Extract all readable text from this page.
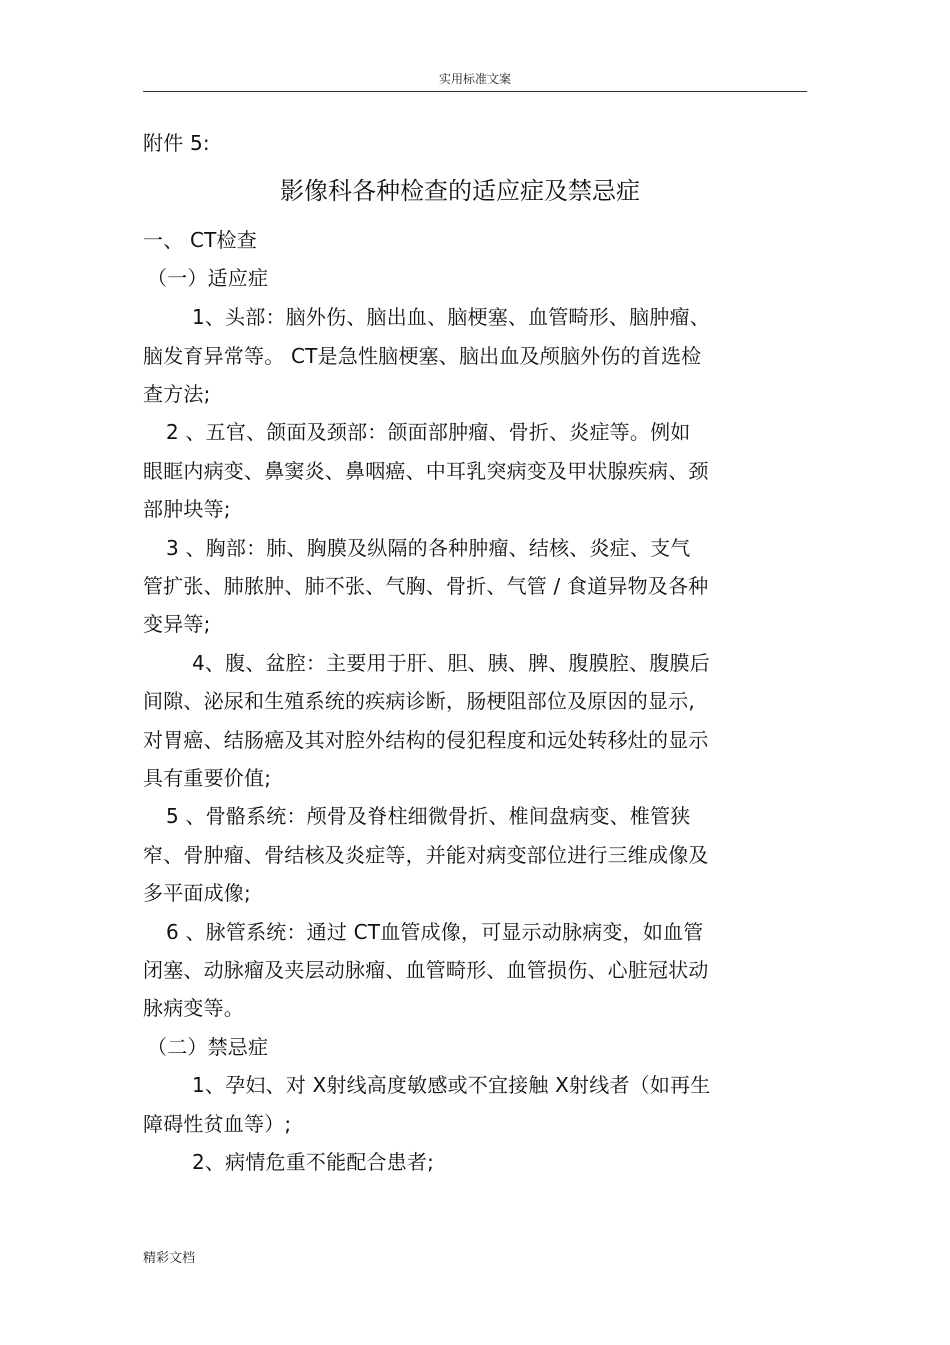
实用标准文案
附件 5:
影像科各种检查的适应症及禁忌症
一、 CT检查
（一）适应症
1、头部：脑外伤、脑出血、脑梗塞、血管畸形、脑肿瘤、
脑发育异常等。 CT是急性脑梗塞、脑出血及颅脑外伤的首选检
查方法;
2 、五官、颌面及颈部：颌面部肿瘤、骨折、炎症等。例如
眼眶内病变、鼻窦炎、鼻咽癌、中耳乳突病变及甲状腺疾病、颈
部肿块等;
3 、胸部：肺、胸膜及纵隔的各种肿瘤、结核、炎症、支气
管扩张、肺脓肿、肺不张、气胸、骨折、气管 / 食道异物及各种
变异等;
4、腹、盆腔：主要用于肝、胆、胰、脾、腹膜腔、腹膜后
间隙、泌尿和生殖系统的疾病诊断，肠梗阻部位及原因的显示,
对胃癌、结肠癌及其对腔外结构的侵犯程度和远处转移灶的显示
具有重要价值;
5 、骨骼系统：颅骨及脊柱细微骨折、椎间盘病变、椎管狭
窄、骨肿瘤、骨结核及炎症等，并能对病变部位进行三维成像及
多平面成像;
6 、脉管系统：通过 CT血管成像，可显示动脉病变，如血管
闭塞、动脉瘤及夹层动脉瘤、血管畸形、血管损伤、心脏冠状动
脉病变等。
（二）禁忌症
1、孕妇、对 X射线高度敏感或不宜接触 X射线者（如再生
障碍性贫血等）;
2、病情危重不能配合患者;
精彩文档
